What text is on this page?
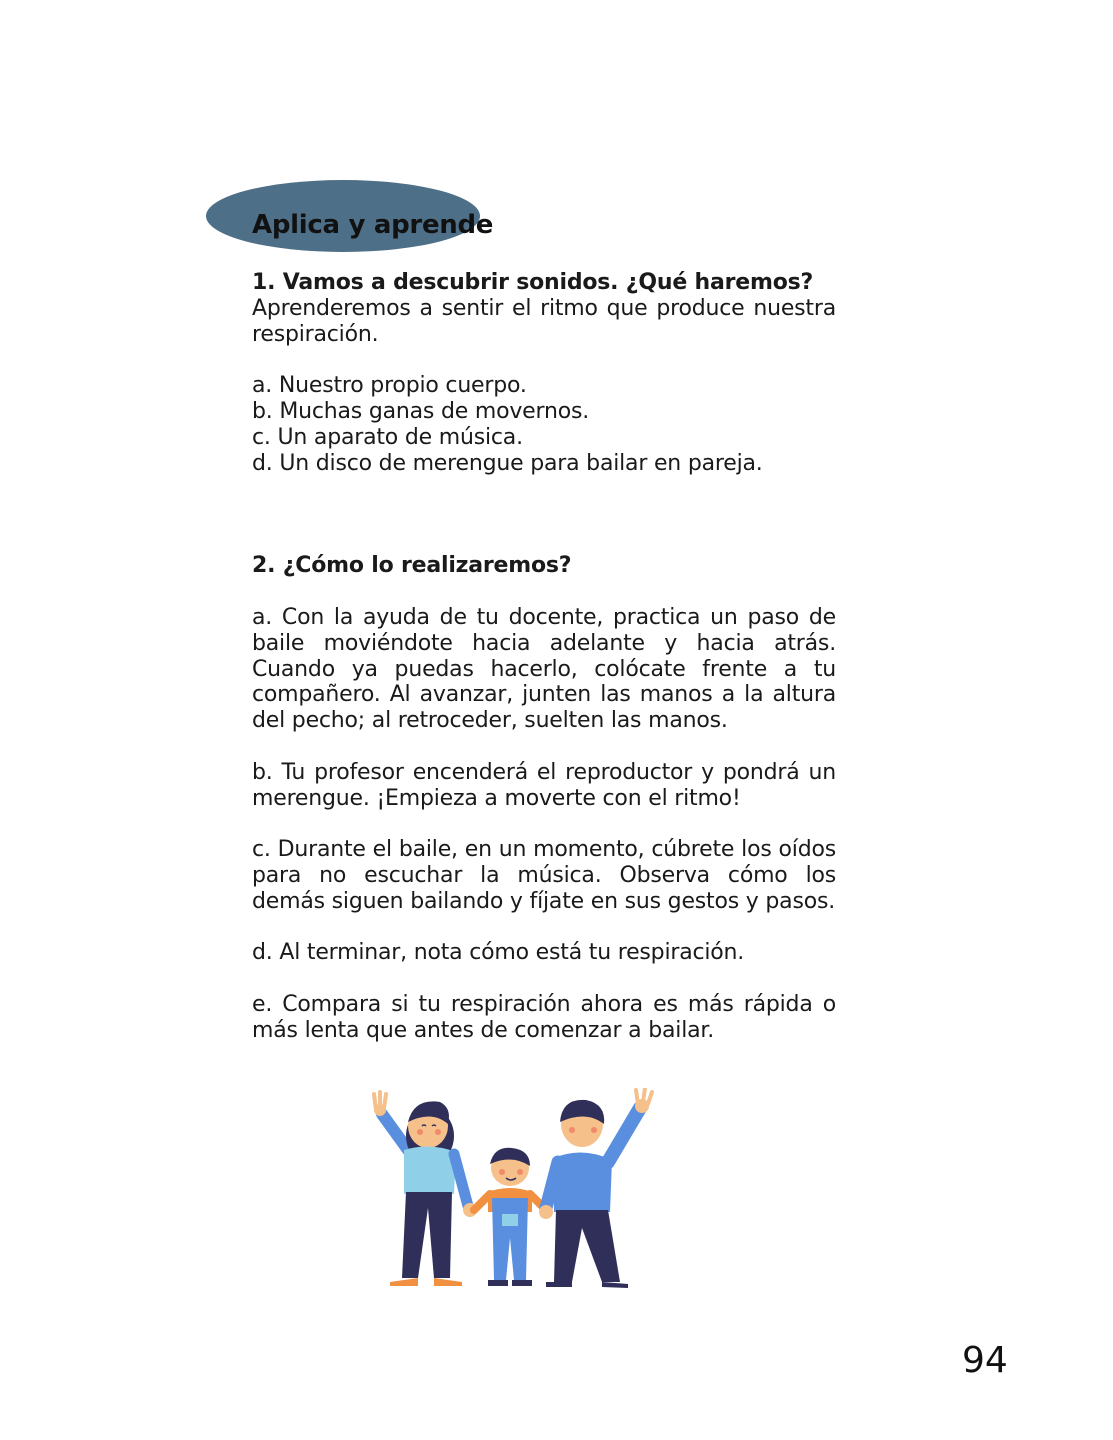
Aplica y aprende

1. Vamos a descubrir sonidos. ¿Qué haremos?

Aprenderemos a sentir el ritmo que produce nuestra respiración.

a. Nuestro propio cuerpo.

b. Muchas ganas de movernos.

c. Un aparato de música.

d. Un disco de merengue para bailar en pareja.

2. ¿Cómo lo realizaremos?

a. Con la ayuda de tu docente, practica un paso de baile moviéndote hacia adelante y hacia atrás. Cuando ya puedas hacerlo, colócate frente a tu compañero. Al avanzar, junten las manos a la altura del pecho; al retroceder, suelten las manos.

b. Tu profesor encenderá el reproductor y pondrá un merengue. ¡Empieza a moverte con el ritmo!

c. Durante el baile, en un momento, cúbrete los oídos para no escuchar la música. Observa cómo los demás siguen bailando y fíjate en sus gestos y pasos.

d. Al terminar, nota cómo está tu respiración.

e. Compara si tu respiración ahora es más rápida o más lenta que antes de comenzar a bailar.

94
